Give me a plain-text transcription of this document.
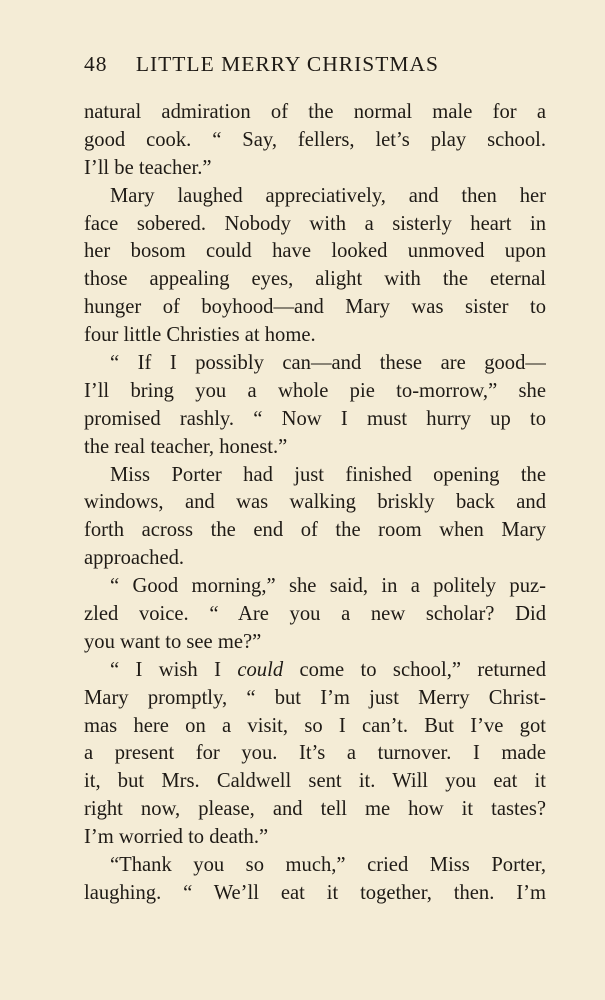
48 LITTLE MERRY CHRISTMAS
natural admiration of the normal male for a
good cook. “ Say, fellers, let’s play school.
I’ll be teacher.”
Mary laughed appreciatively, and then her
face sobered. Nobody with a sisterly heart in
her bosom could have looked unmoved upon
those appealing eyes, alight with the eternal
hunger of boyhood—and Mary was sister to
four little Christies at home.
“ If I possibly can—and these are good—
I’ll bring you a whole pie to-morrow,” she
promised rashly. “ Now I must hurry up to
the real teacher, honest.”
Miss Porter had just finished opening the
windows, and was walking briskly back and
forth across the end of the room when Mary
approached.
“ Good morning,” she said, in a politely puz-
zled voice. “ Are you a new scholar? Did
you want to see me?”
“ I wish I could come to school,” returned
Mary promptly, “ but I’m just Merry Christ-
mas here on a visit, so I can’t. But I’ve got
a present for you. It’s a turnover. I made
it, but Mrs. Caldwell sent it. Will you eat it
right now, please, and tell me how it tastes?
I’m worried to death.”
“Thank you so much,” cried Miss Porter,
laughing. “ We’ll eat it together, then. I’m
